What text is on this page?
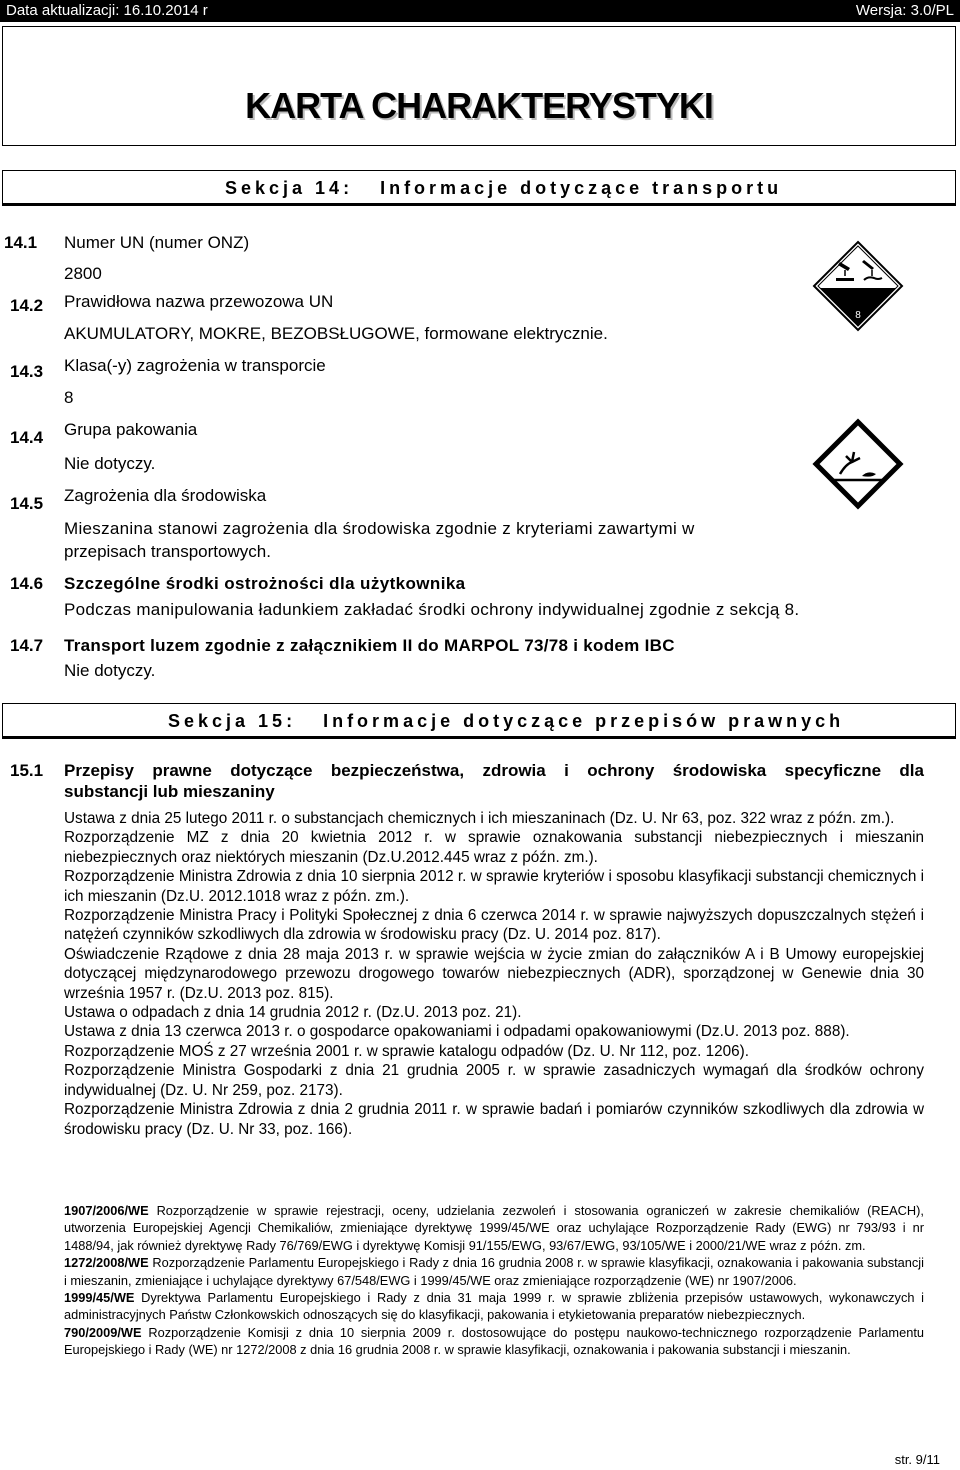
Data aktualizacji: 16.10.2014 r	Wersja: 3.0/PL
KARTA CHARAKTERYSTYKI
Sekcja 14:   Informacje dotyczące transportu
14.1 Numer UN (numer ONZ)
2800
14.2 Prawidłowa nazwa przewozowa UN
AKUMULATORY, MOKRE, BEZOBSŁUGOWE, formowane elektrycznie.
14.3 Klasa(-y) zagrożenia w transporcie
8
14.4 Grupa pakowania
Nie dotyczy.
14.5 Zagrożenia dla środowiska
Mieszanina stanowi zagrożenia dla środowiska zgodnie z kryteriami zawartymi w
przepisach transportowych.
14.6 Szczególne środki ostrożności dla użytkownika
Podczas manipulowania ładunkiem zakładać środki ochrony indywidualnej zgodnie z sekcją 8.
14.7 Transport luzem zgodnie z załącznikiem II do MARPOL 73/78 i kodem IBC
Nie dotyczy.
8
Sekcja 15:   Informacje dotyczące przepisów prawnych
15.1 Przepisy prawne dotyczące bezpieczeństwa, zdrowia i ochrony środowiska specyficzne dla
substancji lub mieszaniny
Ustawa z dnia 25 lutego 2011 r. o substancjach chemicznych i ich mieszaninach (Dz. U. Nr 63, poz. 322 wraz z późn. zm.).
Rozporządzenie MZ z dnia 20 kwietnia 2012 r. w sprawie oznakowania substancji niebezpiecznych i mieszanin niebezpiecznych oraz niektórych mieszanin (Dz.U.2012.445 wraz z późn. zm.).
Rozporządzenie Ministra Zdrowia z dnia 10 sierpnia 2012 r. w sprawie kryteriów i sposobu klasyfikacji substancji chemicznych i ich mieszanin (Dz.U. 2012.1018 wraz z późn. zm.).
Rozporządzenie Ministra Pracy i Polityki Społecznej z dnia 6 czerwca 2014 r. w sprawie najwyższych dopuszczalnych stężeń i natężeń czynników szkodliwych dla zdrowia w środowisku pracy (Dz. U. 2014 poz. 817).
Oświadczenie Rządowe z dnia 28 maja 2013 r. w sprawie wejścia w życie zmian do załączników A i B Umowy europejskiej dotyczącej międzynarodowego przewozu drogowego towarów niebezpiecznych (ADR), sporządzonej w Genewie dnia 30 września 1957 r. (Dz.U. 2013 poz. 815).
Ustawa o odpadach z dnia 14 grudnia 2012 r. (Dz.U. 2013 poz. 21).
Ustawa z dnia 13 czerwca 2013 r. o gospodarce opakowaniami i odpadami opakowaniowymi (Dz.U. 2013 poz. 888).
Rozporządzenie MOŚ z 27 września 2001 r. w sprawie katalogu odpadów (Dz. U. Nr 112, poz. 1206).
Rozporządzenie Ministra Gospodarki z dnia 21 grudnia 2005 r. w sprawie zasadniczych wymagań dla środków ochrony indywidualnej (Dz. U. Nr 259, poz. 2173).
Rozporządzenie Ministra Zdrowia z dnia 2 grudnia 2011 r. w sprawie badań i pomiarów czynników szkodliwych dla zdrowia w środowisku pracy (Dz. U. Nr 33, poz. 166).
1907/2006/WE Rozporządzenie w sprawie rejestracji, oceny, udzielania zezwoleń i stosowania ograniczeń w zakresie chemikaliów (REACH), utworzenia Europejskiej Agencji Chemikaliów, zmieniające dyrektywę 1999/45/WE oraz uchylające Rozporządzenie Rady (EWG) nr 793/93 i nr 1488/94, jak również dyrektywę Rady 76/769/EWG i dyrektywę Komisji 91/155/EWG, 93/67/EWG, 93/105/WE i 2000/21/WE wraz z późn. zm.
1272/2008/WE Rozporządzenie Parlamentu Europejskiego i Rady z dnia 16 grudnia 2008 r. w sprawie klasyfikacji, oznakowania i pakowania substancji i mieszanin, zmieniające i uchylające dyrektywy 67/548/EWG i 1999/45/WE oraz zmieniające rozporządzenie (WE) nr 1907/2006.
1999/45/WE Dyrektywa Parlamentu Europejskiego i Rady z dnia 31 maja 1999 r. w sprawie zbliżenia przepisów ustawowych, wykonawczych i administracyjnych Państw Członkowskich odnoszących się do klasyfikacji, pakowania i etykietowania preparatów niebezpiecznych.
790/2009/WE Rozporządzenie Komisji z dnia 10 sierpnia 2009 r. dostosowujące do postępu naukowo-technicznego rozporządzenie Parlamentu Europejskiego i Rady (WE) nr 1272/2008 z dnia 16 grudnia 2008 r. w sprawie klasyfikacji, oznakowania i pakowania substancji i mieszanin.
str. 9/11
